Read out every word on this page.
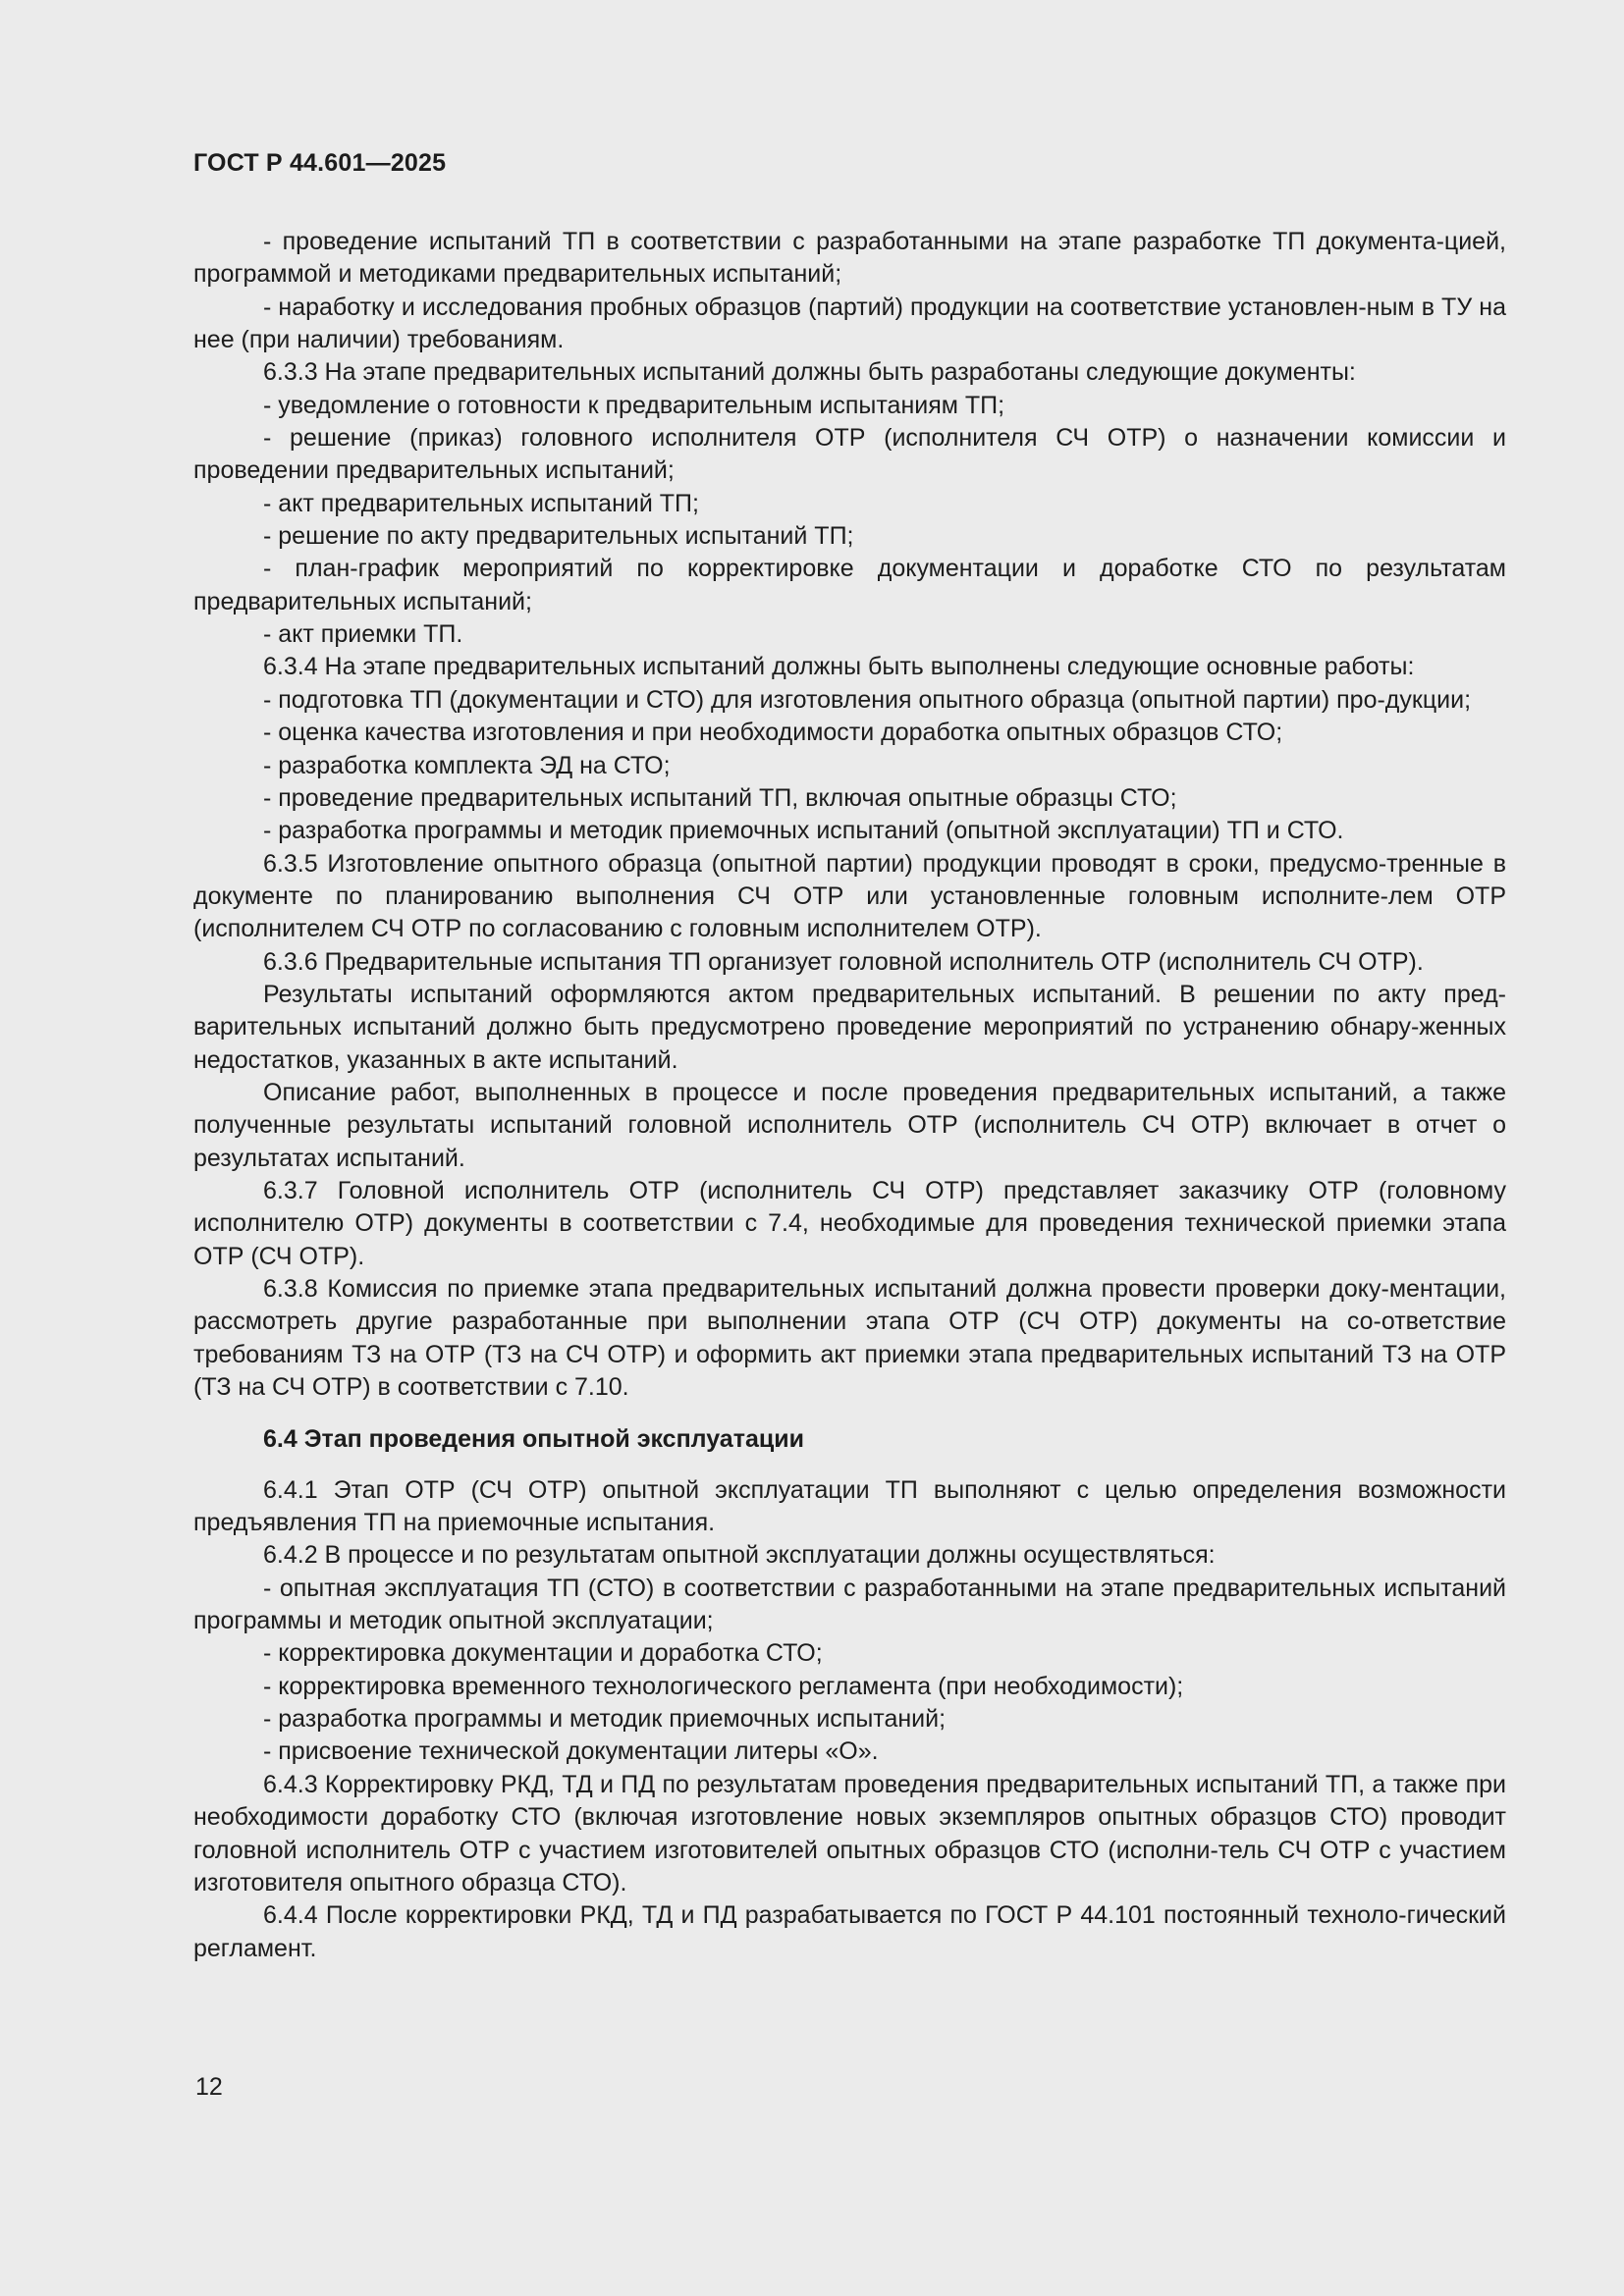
ГОСТ Р 44.601—2025

- проведение испытаний ТП в соответствии с разработанными на этапе разработке ТП документа-цией, программой и методиками предварительных испытаний;

- наработку и исследования пробных образцов (партий) продукции на соответствие установлен-ным в ТУ на нее (при наличии) требованиям.

6.3.3 На этапе предварительных испытаний должны быть разработаны следующие документы:

- уведомление о готовности к предварительным испытаниям ТП;

- решение (приказ) головного исполнителя ОТР (исполнителя СЧ ОТР) о назначении комиссии и проведении предварительных испытаний;

- акт предварительных испытаний ТП;

- решение по акту предварительных испытаний ТП;

- план-график мероприятий по корректировке документации и доработке СТО по результатам предварительных испытаний;

- акт приемки ТП.

6.3.4 На этапе предварительных испытаний должны быть выполнены следующие основные работы:

- подготовка ТП (документации и СТО) для изготовления опытного образца (опытной партии) про-дукции;

- оценка качества изготовления и при необходимости доработка опытных образцов СТО;

- разработка комплекта ЭД на СТО;

- проведение предварительных испытаний ТП, включая опытные образцы СТО;

- разработка программы и методик приемочных испытаний (опытной эксплуатации) ТП и СТО.

6.3.5 Изготовление опытного образца (опытной партии) продукции проводят в сроки, предусмо-тренные в документе по планированию выполнения СЧ ОТР или установленные головным исполните-лем ОТР (исполнителем СЧ ОТР по согласованию с головным исполнителем ОТР).

6.3.6 Предварительные испытания ТП организует головной исполнитель ОТР (исполнитель СЧ ОТР).

Результаты испытаний оформляются актом предварительных испытаний. В решении по акту пред-варительных испытаний должно быть предусмотрено проведение мероприятий по устранению обнару-женных недостатков, указанных в акте испытаний.

Описание работ, выполненных в процессе и после проведения предварительных испытаний, а также полученные результаты испытаний головной исполнитель ОТР (исполнитель СЧ ОТР) включает в отчет о результатах испытаний.

6.3.7 Головной исполнитель ОТР (исполнитель СЧ ОТР) представляет заказчику ОТР (головному исполнителю ОТР) документы в соответствии с 7.4, необходимые для проведения технической приемки этапа ОТР (СЧ ОТР).

6.3.8 Комиссия по приемке этапа предварительных испытаний должна провести проверки доку-ментации, рассмотреть другие разработанные при выполнении этапа ОТР (СЧ ОТР) документы на со-ответствие требованиям ТЗ на ОТР (ТЗ на СЧ ОТР) и оформить акт приемки этапа предварительных испытаний ТЗ на ОТР (ТЗ на СЧ ОТР) в соответствии с 7.10.

6.4 Этап проведения опытной эксплуатации

6.4.1 Этап ОТР (СЧ ОТР) опытной эксплуатации ТП выполняют с целью определения возможности предъявления ТП на приемочные испытания.

6.4.2 В процессе и по результатам опытной эксплуатации должны осуществляться:

- опытная эксплуатация ТП (СТО) в соответствии с разработанными на этапе предварительных испытаний программы и методик опытной эксплуатации;

- корректировка документации и доработка СТО;

- корректировка временного технологического регламента (при необходимости);

- разработка программы и методик приемочных испытаний;

- присвоение технической документации литеры «О».

6.4.3 Корректировку РКД, ТД и ПД по результатам проведения предварительных испытаний ТП, а также при необходимости доработку СТО (включая изготовление новых экземпляров опытных образцов СТО) проводит головной исполнитель ОТР с участием изготовителей опытных образцов СТО (исполни-тель СЧ ОТР с участием изготовителя опытного образца СТО).

6.4.4 После корректировки РКД, ТД и ПД разрабатывается по ГОСТ Р 44.101 постоянный техноло-гический регламент.

12
